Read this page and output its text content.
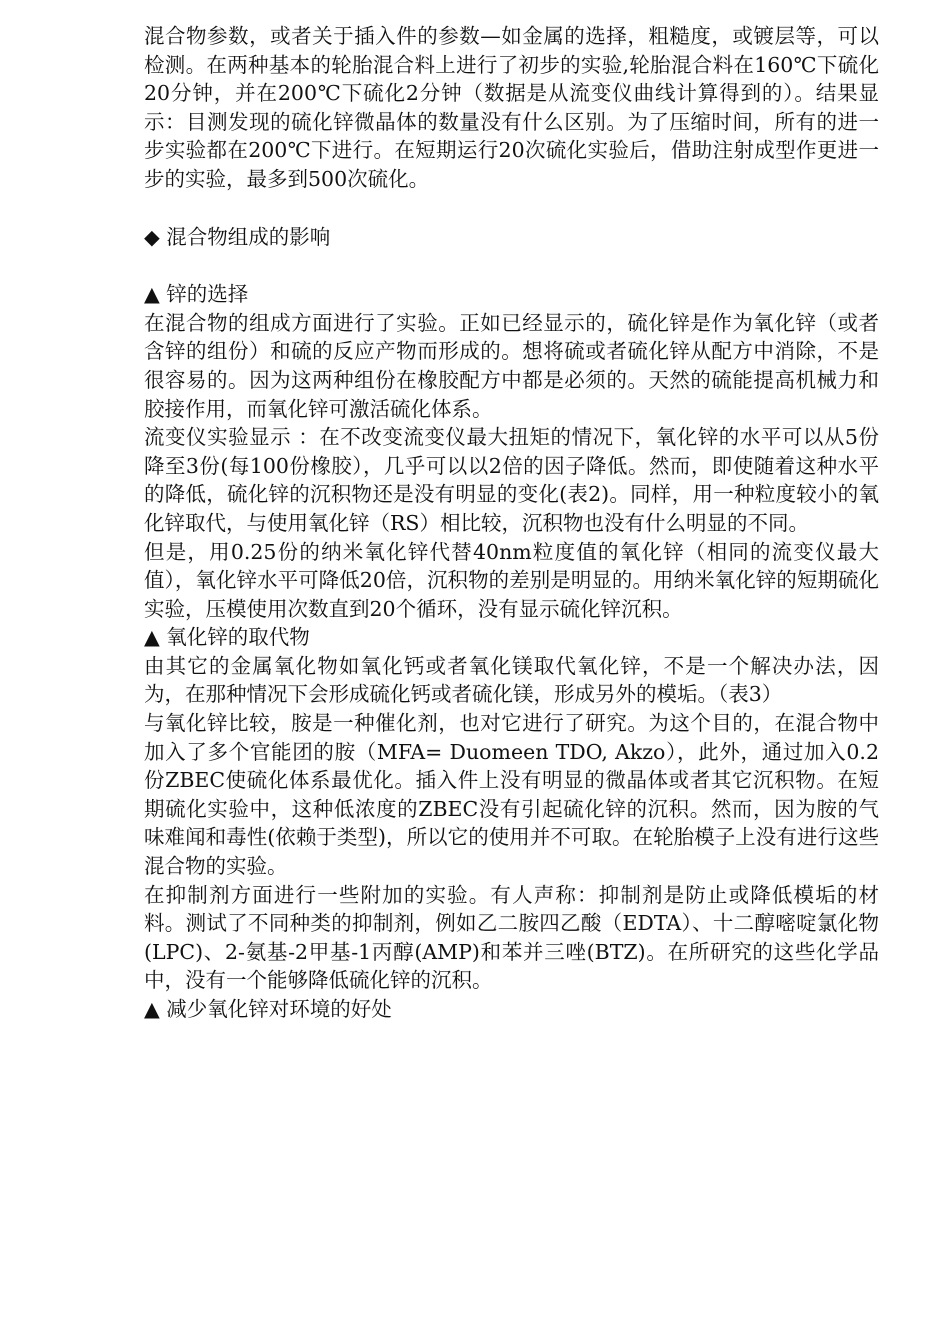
混合物参数，或者关于插入件的参数—如金属的选择，粗糙度，或镀层等，可以检测。在两种基本的轮胎混合料上进行了初步的实验,轮胎混合料在160℃下硫化20分钟，并在200℃下硫化2分钟（数据是从流变仪曲线计算得到的）。结果显示：目测发现的硫化锌微晶体的数量没有什么区别。为了压缩时间，所有的进一步实验都在200℃下进行。在短期运行20次硫化实验后，借助注射成型作更进一步的实验，最多到500次硫化。

◆ 混合物组成的影响

▲ 锌的选择

在混合物的组成方面进行了实验。正如已经显示的，硫化锌是作为氧化锌（或者含锌的组份）和硫的反应产物而形成的。想将硫或者硫化锌从配方中消除，不是很容易的。因为这两种组份在橡胶配方中都是必须的。天然的硫能提高机械力和胶接作用，而氧化锌可激活硫化体系。

流变仪实验显示 ：在不改变流变仪最大扭矩的情况下，氧化锌的水平可以从5份降至3份(每100份橡胶），几乎可以以2倍的因子降低。然而，即使随着这种水平的降低，硫化锌的沉积物还是没有明显的变化(表2)。同样，用一种粒度较小的氧化锌取代，与使用氧化锌（RS）相比较，沉积物也没有什么明显的不同。

但是，用0.25份的纳米氧化锌代替40nm粒度值的氧化锌（相同的流变仪最大值），氧化锌水平可降低20倍，沉积物的差别是明显的。用纳米氧化锌的短期硫化实验，压模使用次数直到20个循环，没有显示硫化锌沉积。

▲ 氧化锌的取代物

由其它的金属氧化物如氧化钙或者氧化镁取代氧化锌，不是一个解决办法，因为，在那种情况下会形成硫化钙或者硫化镁，形成另外的模垢。（表3）

与氧化锌比较，胺是一种催化剂，也对它进行了研究。为这个目的，在混合物中加入了多个官能团的胺（MFA= Duomeen TDO, Akzo），此外，通过加入0.2 份ZBEC使硫化体系最优化。插入件上没有明显的微晶体或者其它沉积物。在短期硫化实验中，这种低浓度的ZBEC没有引起硫化锌的沉积。然而，因为胺的气味难闻和毒性(依赖于类型)，所以它的使用并不可取。在轮胎模子上没有进行这些混合物的实验。

在抑制剂方面进行一些附加的实验。有人声称：抑制剂是防止或降低模垢的材料。测试了不同种类的抑制剂，例如乙二胺四乙酸（EDTA）、十二醇嘧啶氯化物(LPC)、2-氨基-2甲基-1丙醇(AMP)和苯并三唑(BTZ)。在所研究的这些化学品中，没有一个能够降低硫化锌的沉积。

▲ 减少氧化锌对环境的好处
